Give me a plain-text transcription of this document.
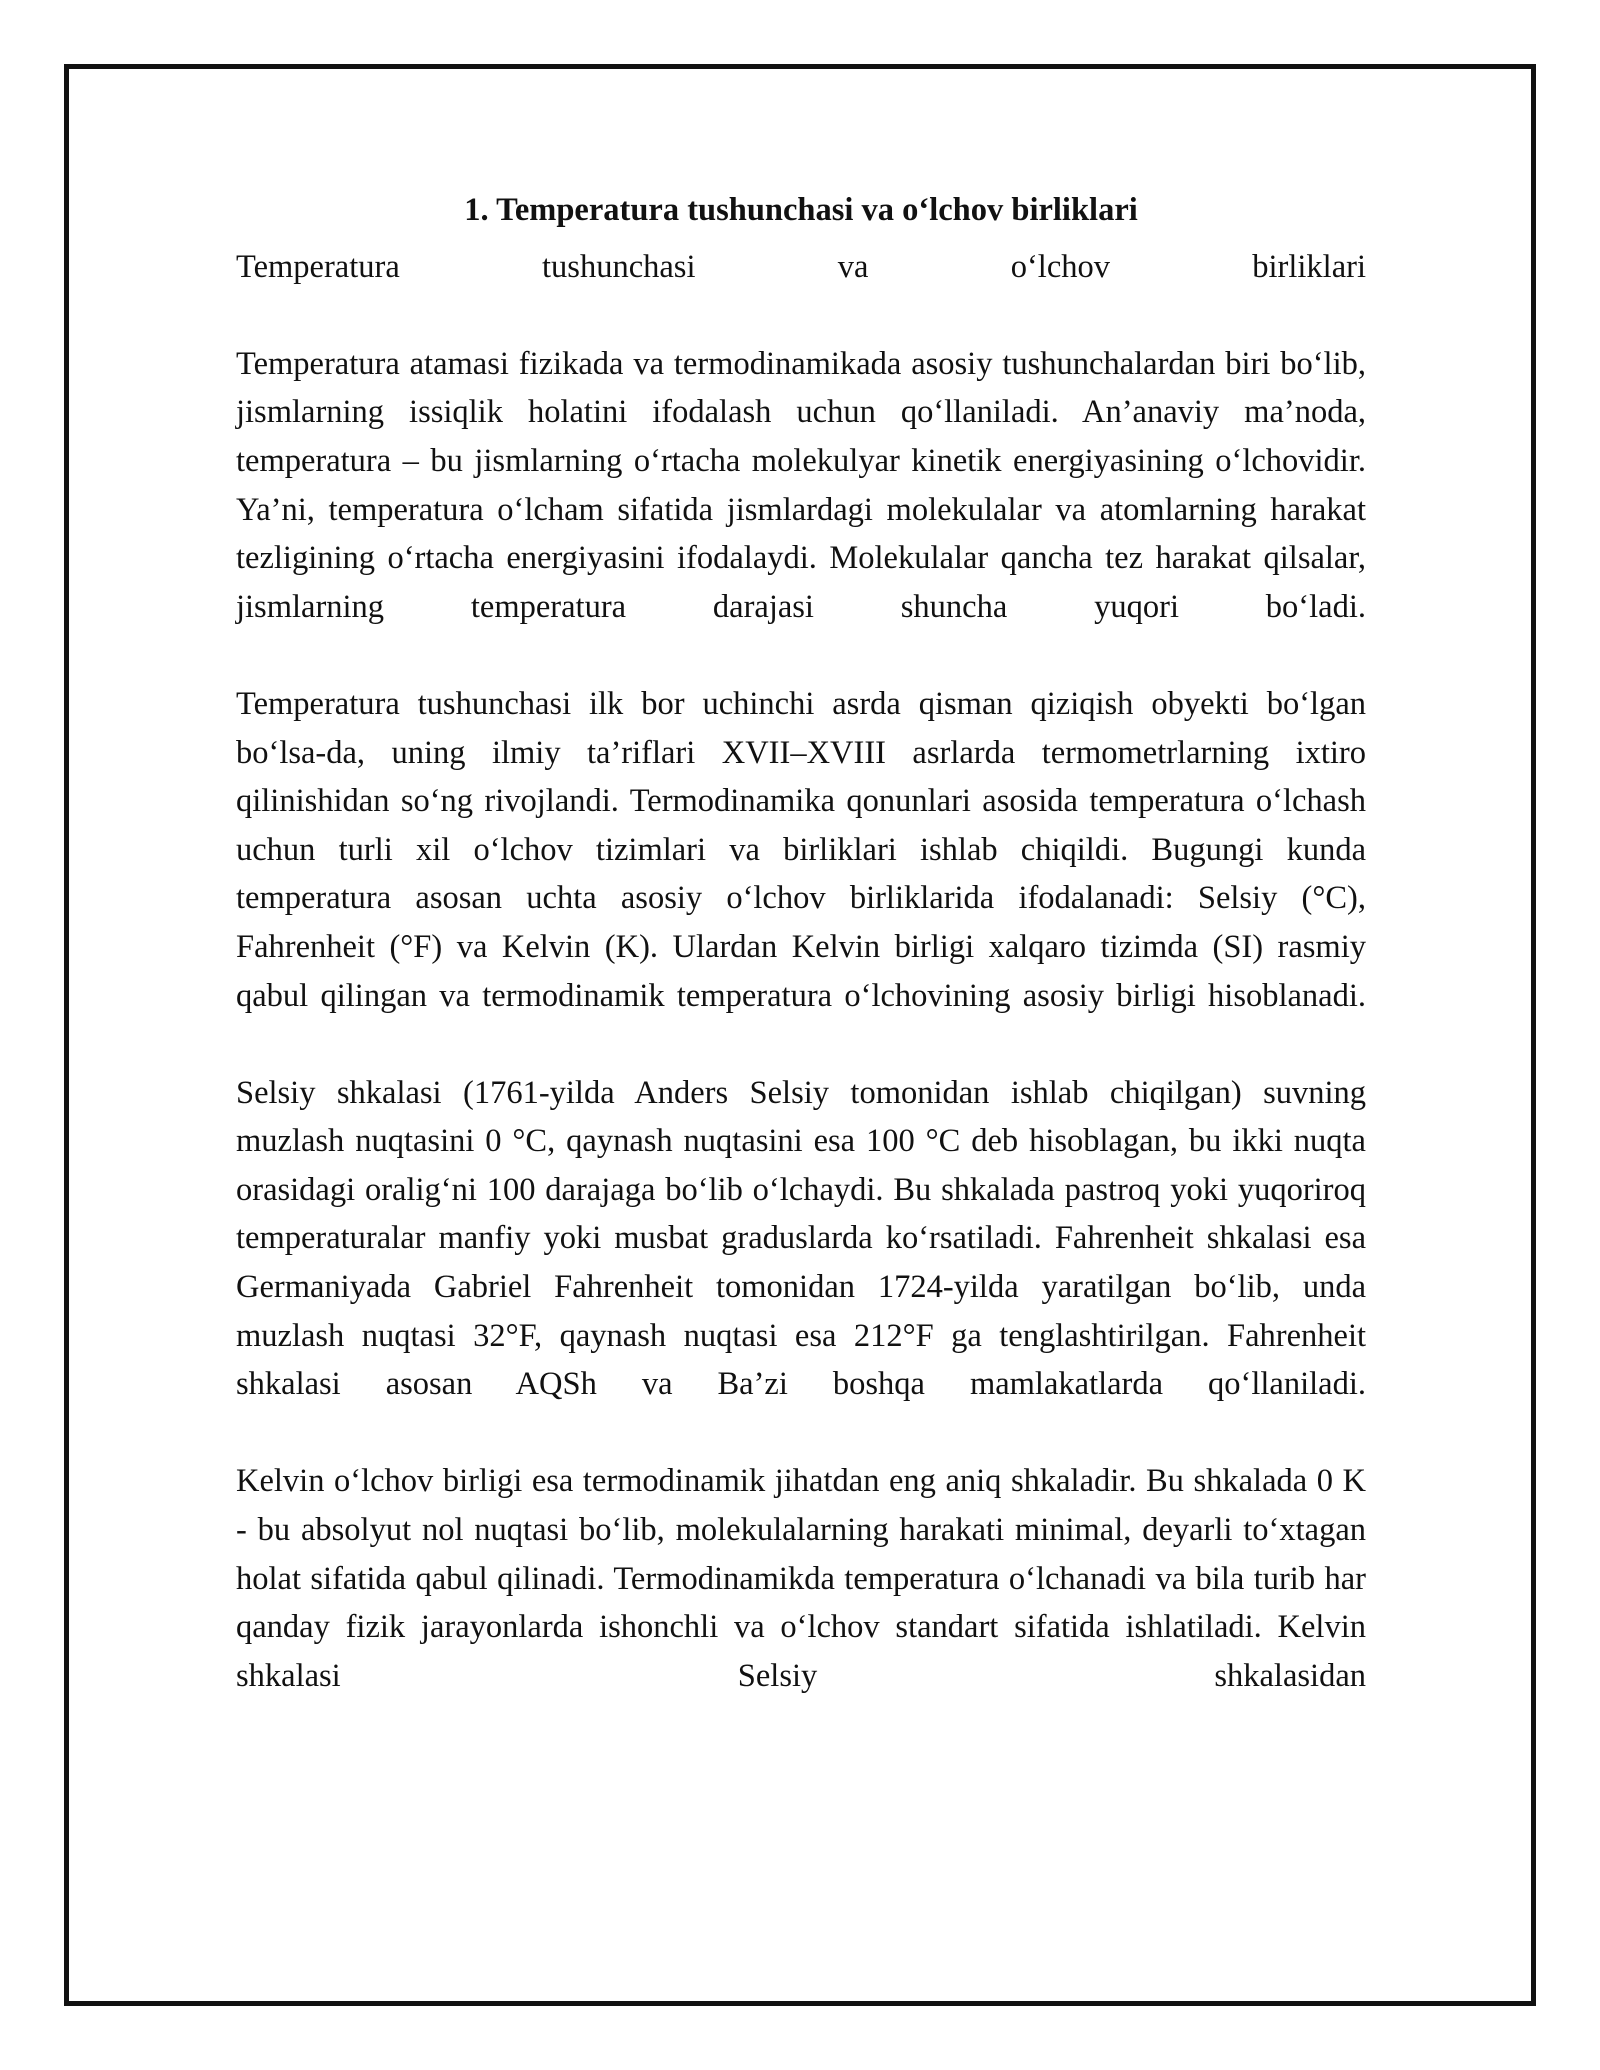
1. Temperatura tushunchasi va o‘lchov birliklari

Temperatura tushunchasi va o‘lchov birliklari

Temperatura atamasi fizikada va termodinamikada asosiy tushunchalardan biri bo‘lib, jismlarning issiqlik holatini ifodalash uchun qo‘llaniladi. An’anaviy ma’noda, temperatura – bu jismlarning o‘rtacha molekulyar kinetik energiyasining o‘lchovidir. Ya’ni, temperatura o‘lcham sifatida jismlardagi molekulalar va atomlarning harakat tezligining o‘rtacha energiyasini ifodalaydi. Molekulalar qancha tez harakat qilsalar, jismlarning temperatura darajasi shuncha yuqori bo‘ladi.

Temperatura tushunchasi ilk bor uchinchi asrda qisman qiziqish obyekti bo‘lgan bo‘lsa-da, uning ilmiy ta’riflari XVII–XVIII asrlarda termometrlarning ixtiro qilinishidan so‘ng rivojlandi. Termodinamika qonunlari asosida temperatura o‘lchash uchun turli xil o‘lchov tizimlari va birliklari ishlab chiqildi. Bugungi kunda temperatura asosan uchta asosiy o‘lchov birliklarida ifodalanadi: Selsiy (°C), Fahrenheit (°F) va Kelvin (K). Ulardan Kelvin birligi xalqaro tizimda (SI) rasmiy qabul qilingan va termodinamik temperatura o‘lchovining asosiy birligi hisoblanadi.

Selsiy shkalasi (1761-yilda Anders Selsiy tomonidan ishlab chiqilgan) suvning muzlash nuqtasini 0 °C, qaynash nuqtasini esa 100 °C deb hisoblagan, bu ikki nuqta orasidagi oralig‘ni 100 darajaga bo‘lib o‘lchaydi. Bu shkalada pastroq yoki yuqoriroq temperaturalar manfiy yoki musbat graduslarda ko‘rsatiladi. Fahrenheit shkalasi esa Germaniyada Gabriel Fahrenheit tomonidan 1724-yilda yaratilgan bo‘lib, unda muzlash nuqtasi 32°F, qaynash nuqtasi esa 212°F ga tenglashtirilgan. Fahrenheit shkalasi asosan AQSh va Ba’zi boshqa mamlakatlarda qo‘llaniladi.

Kelvin o‘lchov birligi esa termodinamik jihatdan eng aniq shkaladir. Bu shkalada 0 K - bu absolyut nol nuqtasi bo‘lib, molekulalarning harakati minimal, deyarli to‘xtagan holat sifatida qabul qilinadi. Termodinamikda temperatura o‘lchanadi va bila turib har qanday fizik jarayonlarda ishonchli va o‘lchov standart sifatida ishlatiladi. Kelvin shkalasi Selsiy shkalasidan
